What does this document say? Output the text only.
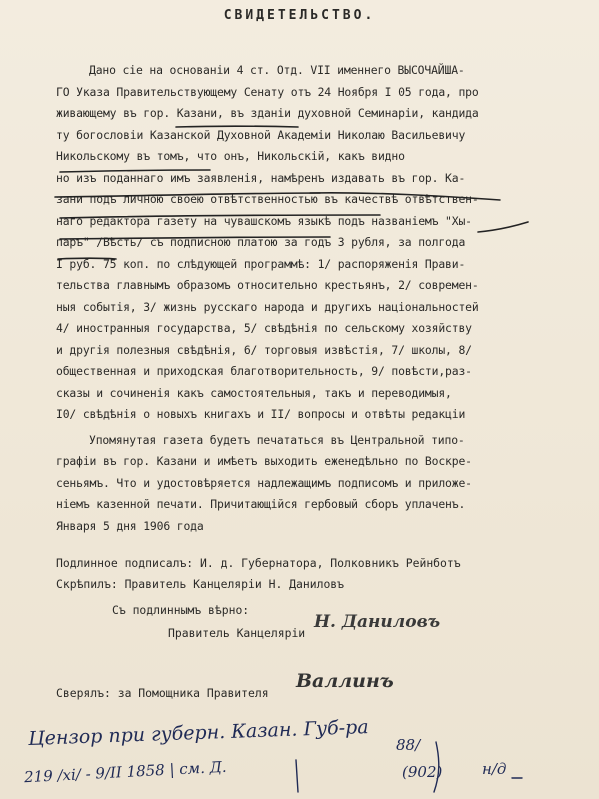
СВИДЕТЕЛЬСТВО.
Дано сiе на основанiи 4 ст. Отд. VII именнего ВЫСОЧАЙША-
ГО Указа Правительствующему Сенату отъ 24 Ноября I 05 года, про
живающему въ гор. Казани, въ зданiи духовной Семинарiи, кандида
ту богословiи Казанской Духовной Академiи Николаю Васильевичу
Никольскому въ томъ, что онъ, Никольскiй, какъ видно
но изъ поданнаго имъ заявленiя, намѣренъ издавать въ гор. Ка-
зани подъ личною своею отвѣтственностью въ качествѣ отвѣтствен-
наго редактора газету на чувашскомъ языкѣ подъ названiемъ "Хы-
паръ" /Вѣсть/ съ подписною платою за годъ 3 рубля, за полгода
I руб. 75 коп. по слѣдующей программѣ: 1/ распоряженiя Прави-
тельства главнымъ образомъ относительно крестьянъ, 2/ современ-
ныя событiя, 3/ жизнь русскаго народа и другихъ нацiональностей
4/ иностранныя государства, 5/ свѣдѣнiя по сельскому хозяйству
и другiя полезныя свѣдѣнiя, 6/ торговыя извѣстiя, 7/ школы, 8/
общественная и приходская благотворительность, 9/ повѣсти,раз-
сказы и сочиненiя какъ самостоятельныя, такъ и переводимыя,
I0/ свѣдѣнiя о новыхъ книгахъ и II/ вопросы и отвѣты редакцiи
Упомянутая газета будетъ печататься въ Центральной типо-
графiи въ гор. Казани и имѣетъ выходить еженедѣльно по Воскре-
сеньямъ. Что и удостовѣряется надлежащимъ подписомъ и приложе-
нiемъ казенной печати. Причитающiйся гербовый сборъ уплаченъ.
Января 5 дня 1906 года
Подлинное подписалъ: И. д. Губернатора, Полковникъ Рейнботъ
Скрѣпилъ: Правитель Канцелярiи Н. Даниловъ
Съ подлиннымъ вѣрно:
Правитель Канцелярiи
Н. Даниловъ
Сверялъ: за Помощника Правителя
Валлинъ
Цензор при губерн. Казан. Губ-ра
219 /xi/ - 9/II 1858 | см. Д.
88/
(902)	н/д
